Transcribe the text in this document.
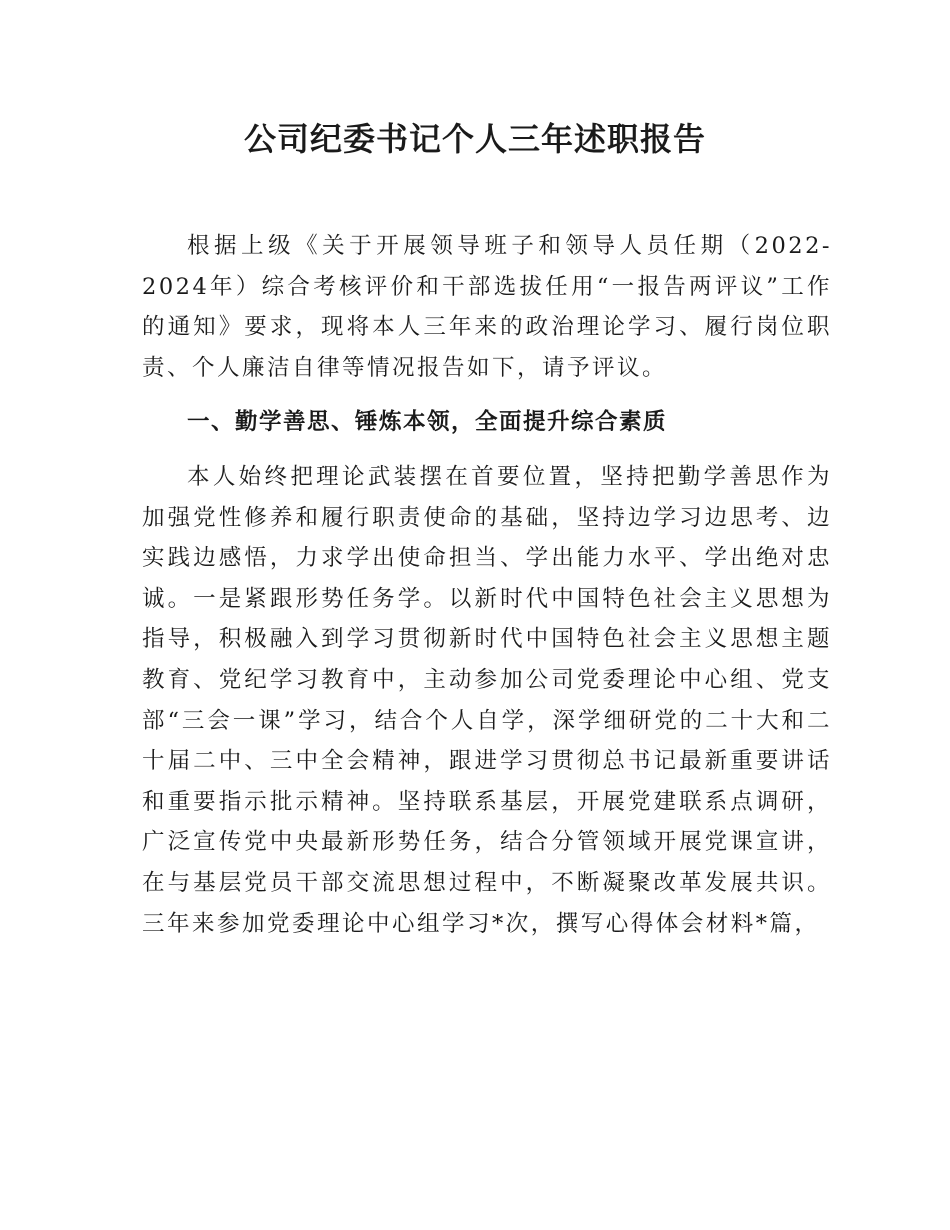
公司纪委书记个人三年述职报告

根据上级《关于开展领导班子和领导人员任期（2022-2024年）综合考核评价和干部选拔任用“一报告两评议”工作的通知》要求，现将本人三年来的政治理论学习、履行岗位职责、个人廉洁自律等情况报告如下，请予评议。

一、勤学善思、锤炼本领，全面提升综合素质

本人始终把理论武装摆在首要位置，坚持把勤学善思作为加强党性修养和履行职责使命的基础，坚持边学习边思考、边实践边感悟，力求学出使命担当、学出能力水平、学出绝对忠诚。一是紧跟形势任务学。以新时代中国特色社会主义思想为指导，积极融入到学习贯彻新时代中国特色社会主义思想主题教育、党纪学习教育中，主动参加公司党委理论中心组、党支部“三会一课”学习，结合个人自学，深学细研党的二十大和二十届二中、三中全会精神，跟进学习贯彻总书记最新重要讲话和重要指示批示精神。坚持联系基层，开展党建联系点调研，广泛宣传党中央最新形势任务，结合分管领域开展党课宣讲，在与基层党员干部交流思想过程中，不断凝聚改革发展共识。三年来参加党委理论中心组学习*次，撰写心得体会材料*篇，
